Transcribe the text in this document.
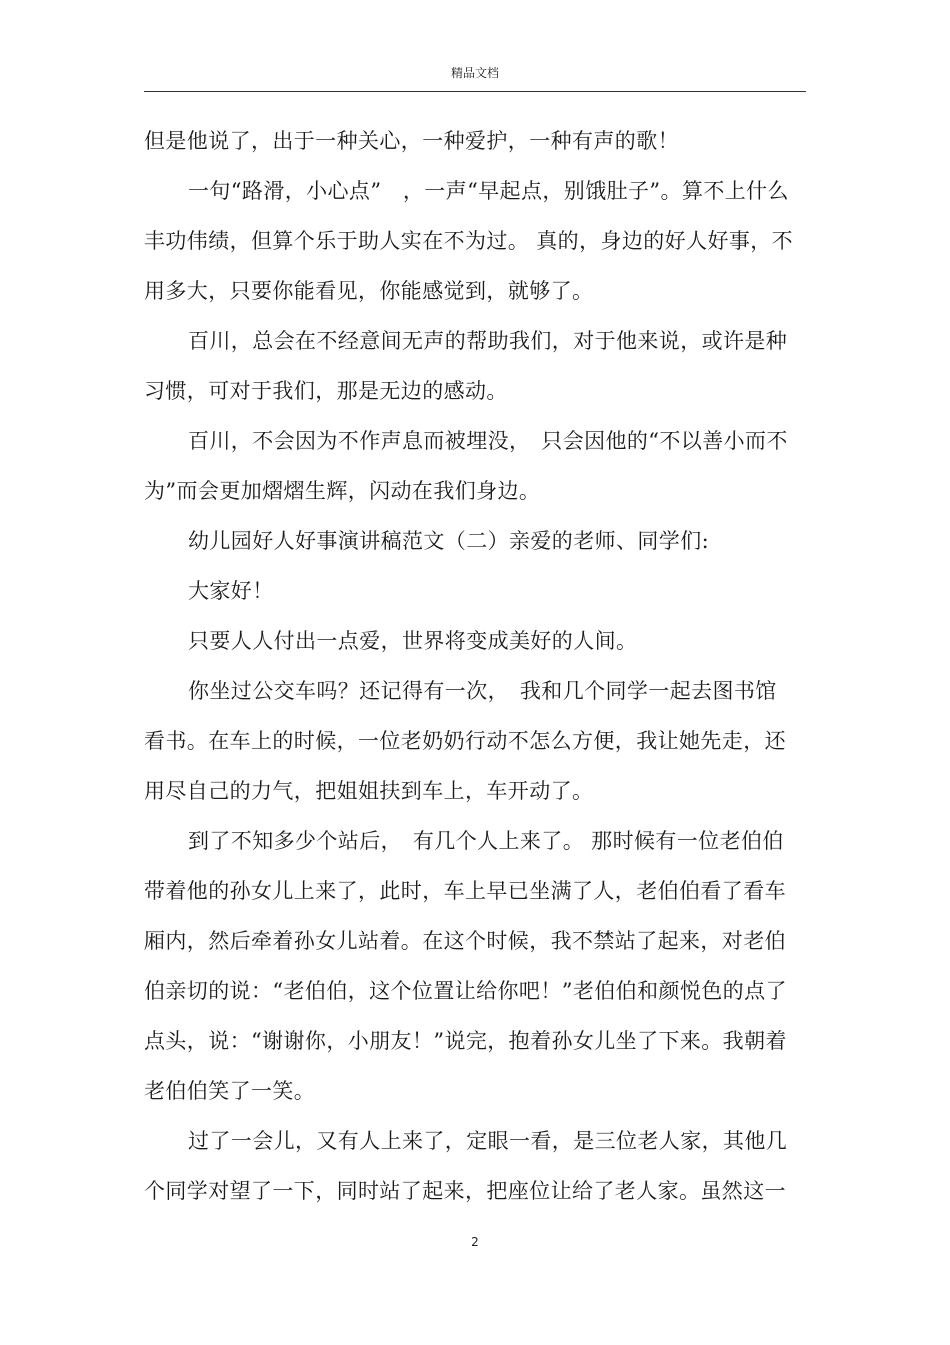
精品文档

但是他说了，出于一种关心，一种爱护，一种有声的歌！

一句“路滑，小心点”　，一声“早起点，别饿肚子”。算不上什么丰功伟绩，但算个乐于助人实在不为过。 真的，身边的好人好事，不用多大，只要你能看见，你能感觉到，就够了。

百川，总会在不经意间无声的帮助我们，对于他来说，或许是种习惯，可对于我们，那是无边的感动。

百川，不会因为不作声息而被埋没，　只会因他的“不以善小而不为”而会更加熠熠生辉，闪动在我们身边。

幼儿园好人好事演讲稿范文（二）亲爱的老师、同学们:

大家好！

只要人人付出一点爱，世界将变成美好的人间。

你坐过公交车吗？还记得有一次，　我和几个同学一起去图书馆看书。在车上的时候，一位老奶奶行动不怎么方便，我让她先走，还用尽自己的力气，把姐姐扶到车上，车开动了。

到了不知多少个站后，　有几个人上来了。 那时候有一位老伯伯带着他的孙女儿上来了，此时，车上早已坐满了人，老伯伯看了看车厢内，然后牵着孙女儿站着。在这个时候，我不禁站了起来，对老伯伯亲切的说：“老伯伯，这个位置让给你吧！”老伯伯和颜悦色的点了点头，说：“谢谢你，小朋友！”说完，抱着孙女儿坐了下来。我朝着老伯伯笑了一笑。

过了一会儿，又有人上来了，定眼一看，是三位老人家，其他几个同学对望了一下，同时站了起来，把座位让给了老人家。虽然这一

2
